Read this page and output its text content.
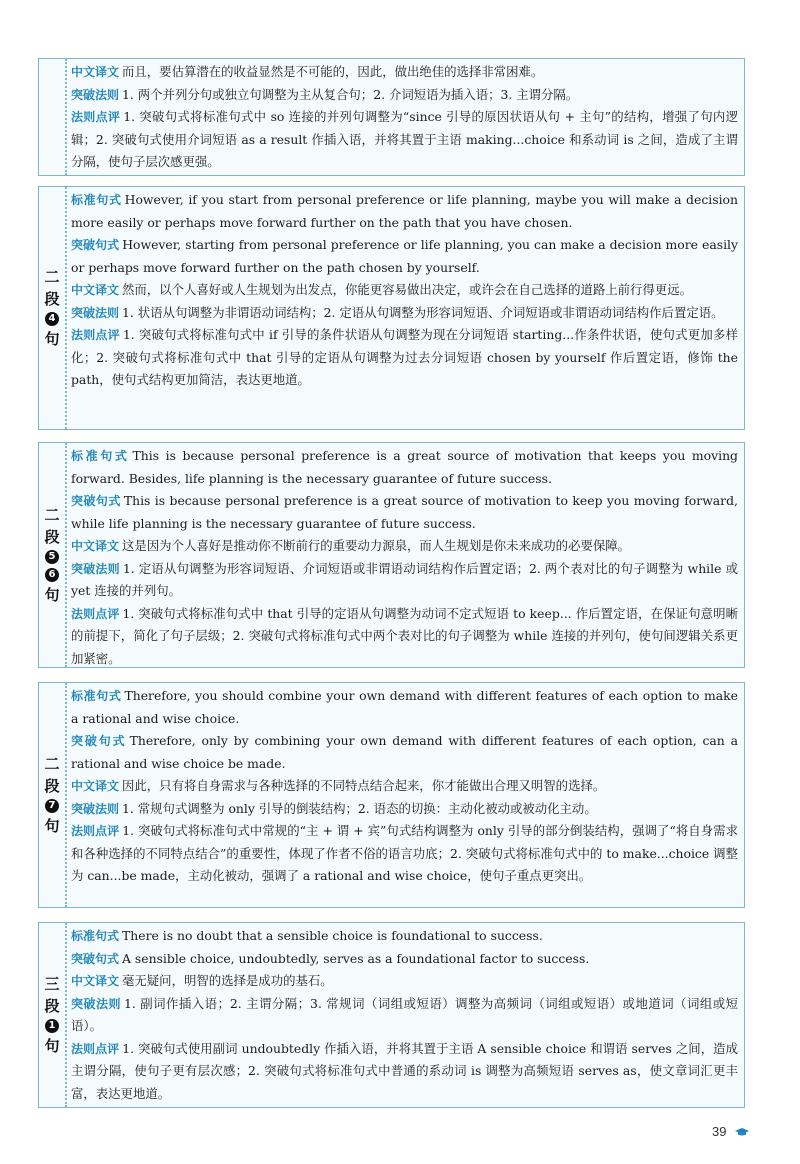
中文译文 而且，要估算潜在的收益显然是不可能的，因此，做出绝佳的选择非常困难。

突破法则 1. 两个并列分句或独立句调整为主从复合句；2. 介词短语为插入语；3. 主谓分隔。

法则点评 1. 突破句式将标准句式中 so 连接的并列句调整为“since 引导的原因状语从句 + 主句”的结构，增强了句内逻辑；2. 突破句式使用介词短语 as a result 作插入语，并将其置于主语 making...choice 和系动词 is 之间，造成了主谓分隔，使句子层次感更强。

二
段
4
句

标准句式 However, if you start from personal preference or life planning, maybe you will make a decision more easily or perhaps move forward further on the path that you have chosen.

突破句式 However, starting from personal preference or life planning, you can make a decision more easily or perhaps move forward further on the path chosen by yourself.

中文译文 然而，以个人喜好或人生规划为出发点，你能更容易做出决定，或许会在自己选择的道路上前行得更远。

突破法则 1. 状语从句调整为非谓语动词结构；2. 定语从句调整为形容词短语、介词短语或非谓语动词结构作后置定语。

法则点评 1. 突破句式将标准句式中 if 引导的条件状语从句调整为现在分词短语 starting...作条件状语，使句式更加多样化；2. 突破句式将标准句式中 that 引导的定语从句调整为过去分词短语 chosen by yourself 作后置定语，修饰 the path，使句式结构更加简洁，表达更地道。

二
段
5
6
句

标准句式 This is because personal preference is a great source of motivation that keeps you moving forward. Besides, life planning is the necessary guarantee of future success.

突破句式 This is because personal preference is a great source of motivation to keep you moving forward, while life planning is the necessary guarantee of future success.

中文译文 这是因为个人喜好是推动你不断前行的重要动力源泉，而人生规划是你未来成功的必要保障。

突破法则 1. 定语从句调整为形容词短语、介词短语或非谓语动词结构作后置定语；2. 两个表对比的句子调整为 while 或 yet 连接的并列句。

法则点评 1. 突破句式将标准句式中 that 引导的定语从句调整为动词不定式短语 to keep... 作后置定语，在保证句意明晰的前提下，简化了句子层级；2. 突破句式将标准句式中两个表对比的句子调整为 while 连接的并列句，使句间逻辑关系更加紧密。

二
段
7
句

标准句式 Therefore, you should combine your own demand with different features of each option to make a rational and wise choice.

突破句式 Therefore, only by combining your own demand with different features of each option, can a rational and wise choice be made.

中文译文 因此，只有将自身需求与各种选择的不同特点结合起来，你才能做出合理又明智的选择。

突破法则 1. 常规句式调整为 only 引导的倒装结构；2. 语态的切换：主动化被动或被动化主动。

法则点评 1. 突破句式将标准句式中常规的“主 + 谓 + 宾”句式结构调整为 only 引导的部分倒装结构，强调了“将自身需求和各种选择的不同特点结合”的重要性，体现了作者不俗的语言功底；2. 突破句式将标准句式中的 to make...choice 调整为 can...be made，主动化被动，强调了 a rational and wise choice，使句子重点更突出。

三
段
1
句

标准句式 There is no doubt that a sensible choice is foundational to success.

突破句式 A sensible choice, undoubtedly, serves as a foundational factor to success.

中文译文 毫无疑问，明智的选择是成功的基石。

突破法则 1. 副词作插入语；2. 主谓分隔；3. 常规词（词组或短语）调整为高频词（词组或短语）或地道词（词组或短语）。

法则点评 1. 突破句式使用副词 undoubtedly 作插入语，并将其置于主语 A sensible choice 和谓语 serves 之间，造成主谓分隔，使句子更有层次感；2. 突破句式将标准句式中普通的系动词 is 调整为高频短语 serves as，使文章词汇更丰富，表达更地道。

39
